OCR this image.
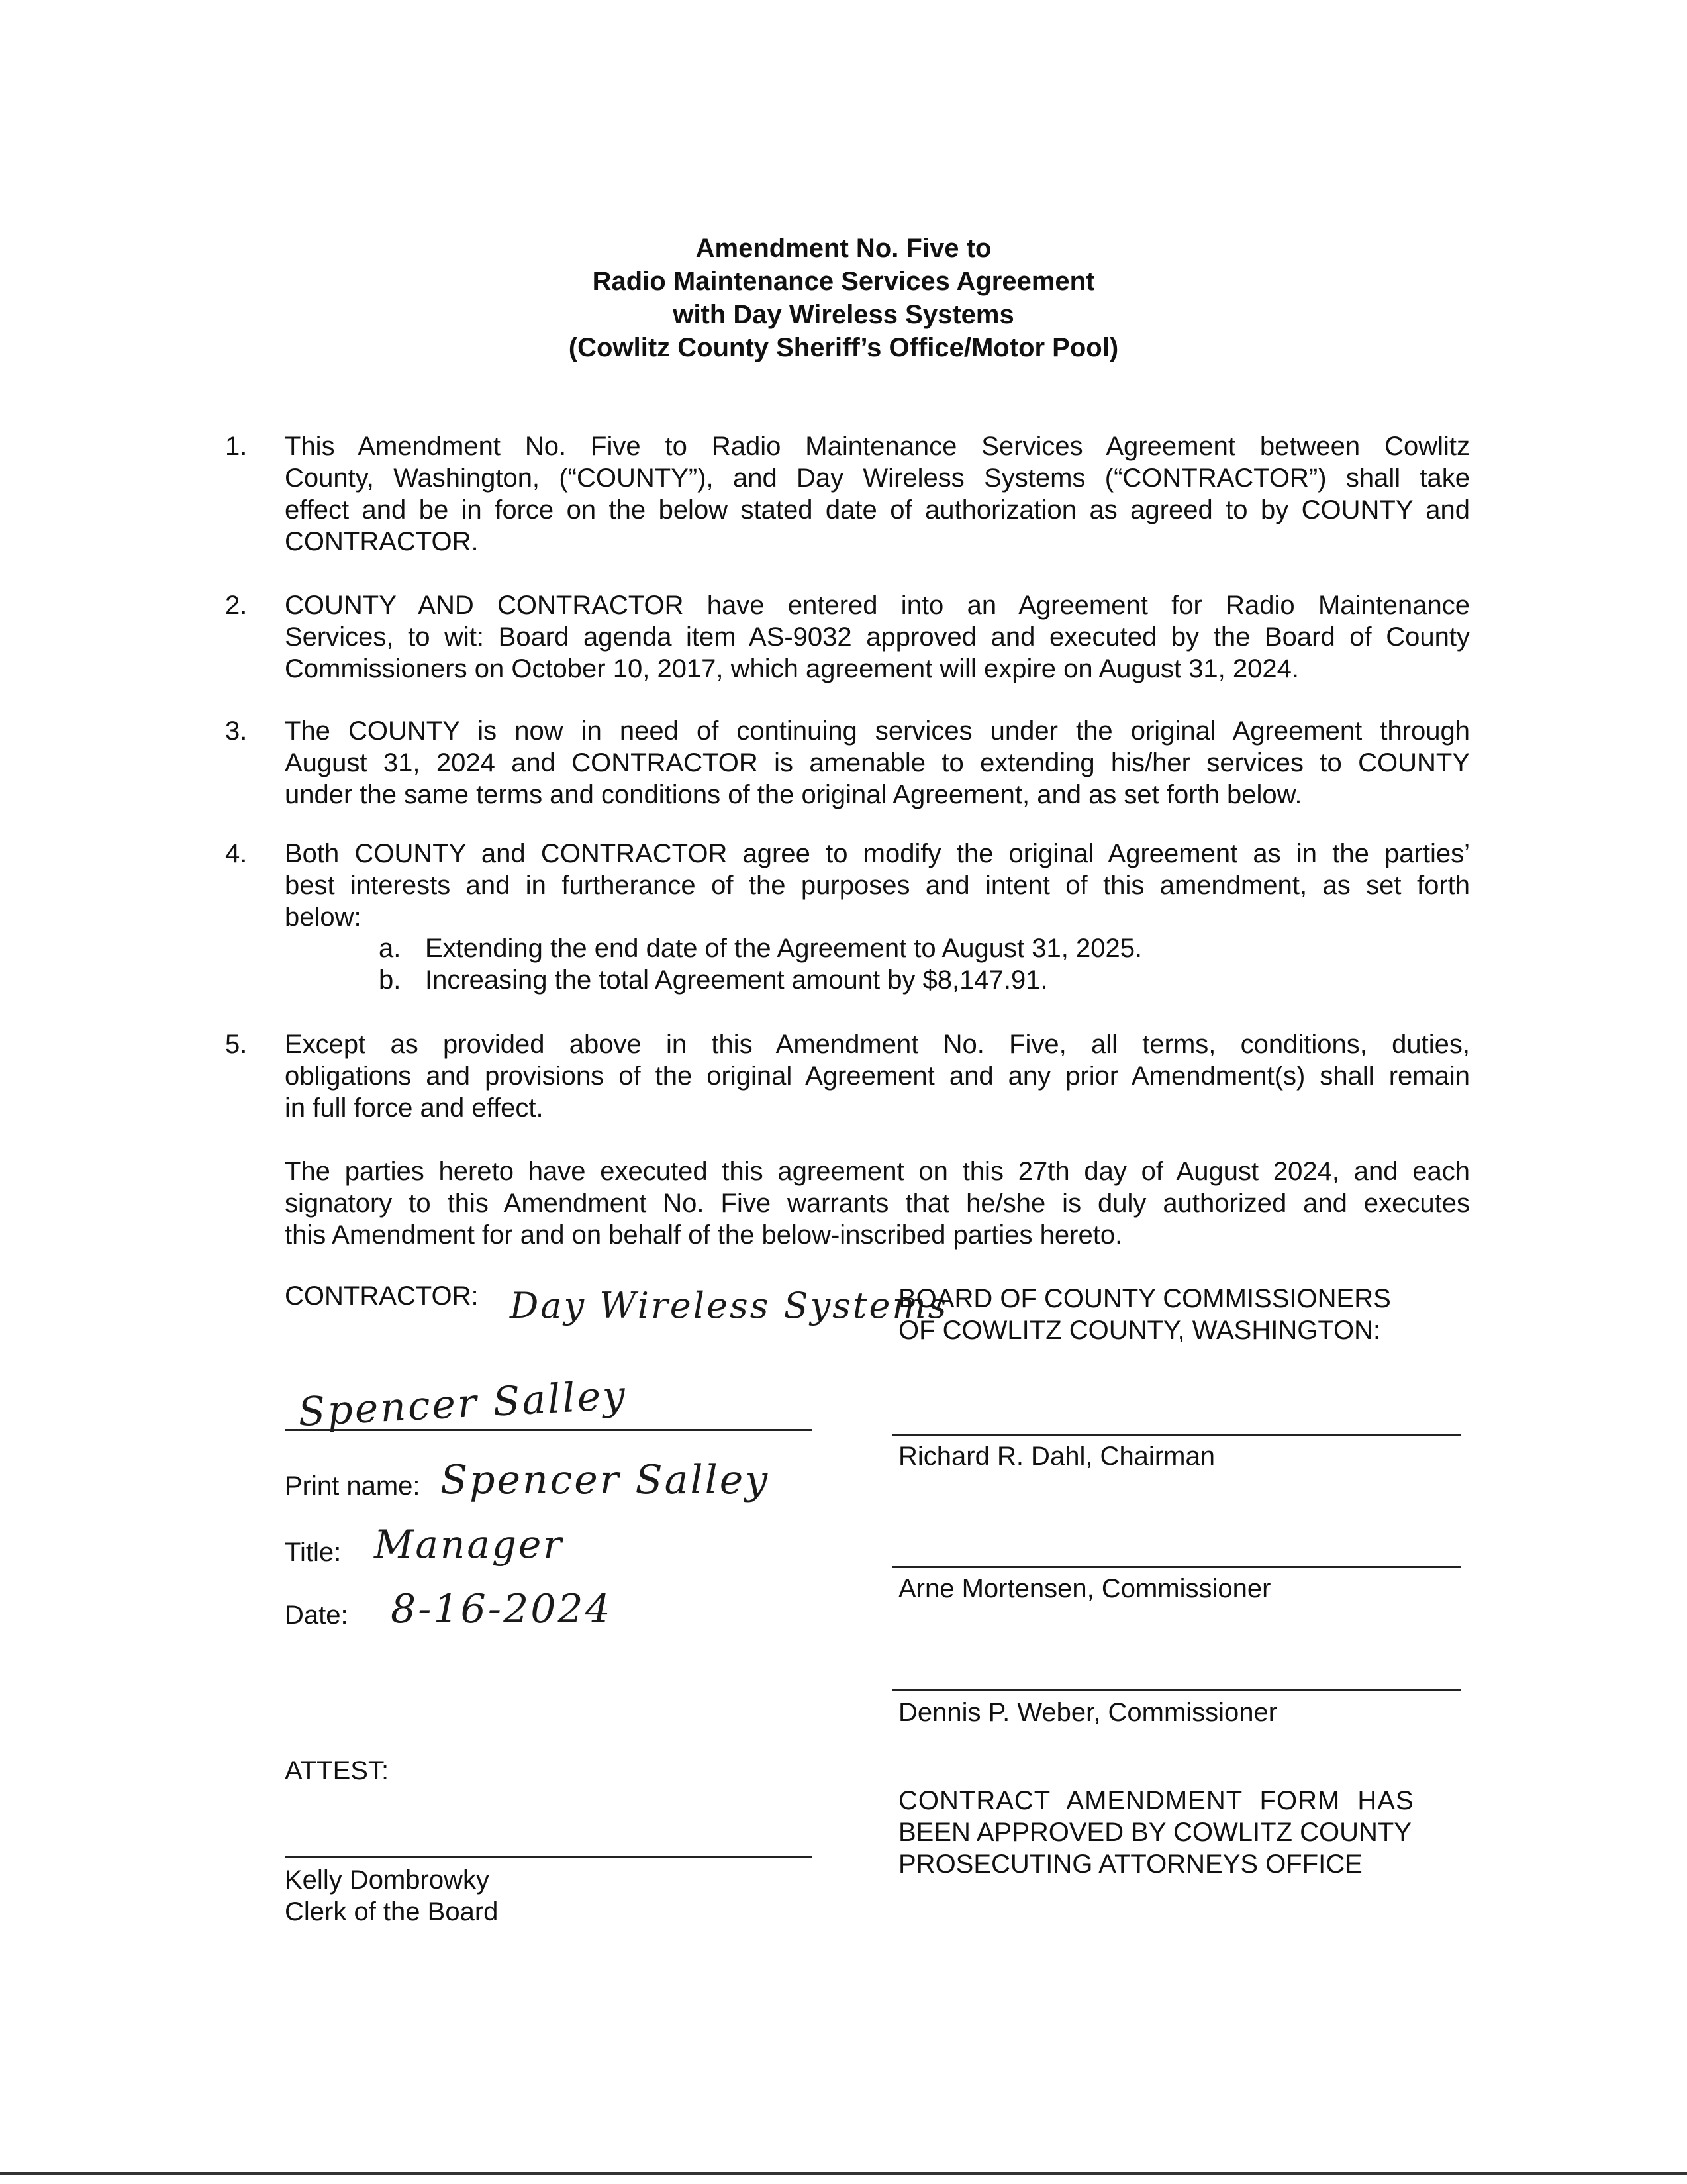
Amendment No. Five to
Radio Maintenance Services Agreement
with Day Wireless Systems
(Cowlitz County Sheriff’s Office/Motor Pool)
1.	This Amendment No. Five to Radio Maintenance Services Agreement between Cowlitz
County, Washington, (“COUNTY”), and Day Wireless Systems (“CONTRACTOR”) shall take
effect and be in force on the below stated date of authorization as agreed to by COUNTY and
CONTRACTOR.
2.	COUNTY AND CONTRACTOR have entered into an Agreement for Radio Maintenance
Services, to wit: Board agenda item AS-9032 approved and executed by the Board of County
Commissioners on October 10, 2017, which agreement will expire on August 31, 2024.
3.	The COUNTY is now in need of continuing services under the original Agreement through
August 31, 2024 and CONTRACTOR is amenable to extending his/her services to COUNTY
under the same terms and conditions of the original Agreement, and as set forth below.
4.	Both COUNTY and CONTRACTOR agree to modify the original Agreement as in the parties’
best interests and in furtherance of the purposes and intent of this amendment, as set forth
below:
a. Extending the end date of the Agreement to August 31, 2025.
b. Increasing the total Agreement amount by $8,147.91.
5.	Except as provided above in this Amendment No. Five, all terms, conditions, duties,
obligations and provisions of the original Agreement and any prior Amendment(s) shall remain
in full force and effect.
The parties hereto have executed this agreement on this 27th day of August 2024, and each
signatory to this Amendment No. Five warrants that he/she is duly authorized and executes
this Amendment for and on behalf of the below-inscribed parties hereto.
CONTRACTOR: Day Wireless Systems
Spencer Salley
Print name: Spencer Salley
Title: Manager
Date: 8-16-2024
BOARD OF COUNTY COMMISSIONERS
OF COWLITZ COUNTY, WASHINGTON:
Richard R. Dahl, Chairman
Arne Mortensen, Commissioner
Dennis P. Weber, Commissioner
ATTEST:
Kelly Dombrowky
Clerk of the Board
CONTRACT AMENDMENT FORM HAS
BEEN APPROVED BY COWLITZ COUNTY
PROSECUTING ATTORNEYS OFFICE
